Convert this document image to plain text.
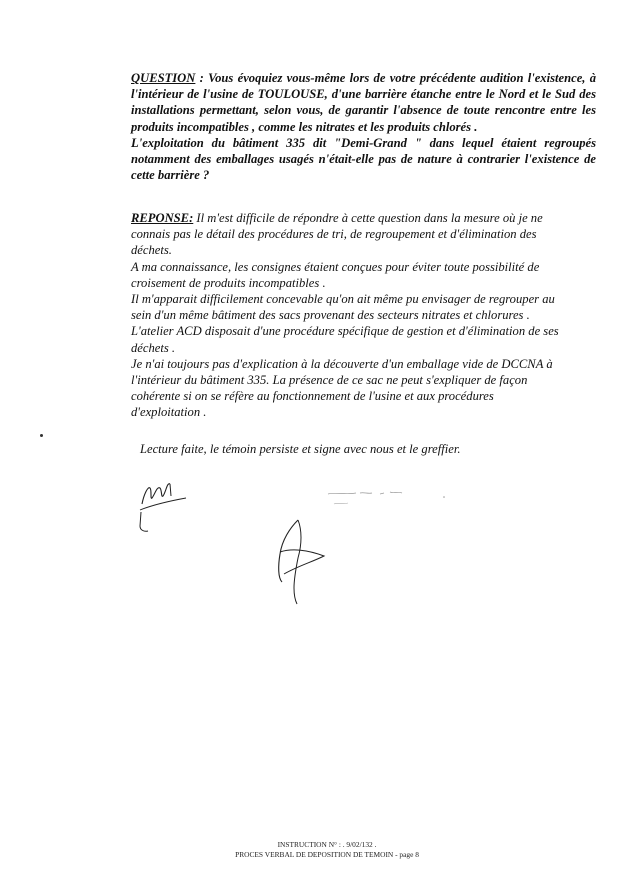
QUESTION : Vous évoquiez vous-même lors de votre précédente audition l'existence, à l'intérieur de l'usine de TOULOUSE, d'une barrière étanche entre le Nord et le Sud des installations permettant, selon vous, de garantir l'absence de toute rencontre entre les produits incompatibles , comme les nitrates et les produits chlorés .

L'exploitation du bâtiment 335 dit "Demi-Grand " dans lequel étaient regroupés notamment des emballages usagés n'était-elle pas de nature à contrarier l'existence de cette barrière ?

REPONSE: Il m'est difficile de répondre à cette question dans la mesure où je ne

connais pas le détail des procédures de tri, de regroupement et d'élimination des

déchets.

A ma connaissance, les consignes étaient conçues pour éviter toute possibilité de

croisement de produits incompatibles .

Il m'apparait difficilement concevable qu'on ait même pu envisager de regrouper au

sein d'un même bâtiment des sacs provenant des secteurs nitrates et chlorures .

L'atelier ACD disposait d'une procédure spécifique de gestion et d'élimination de ses

déchets .

Je n'ai toujours pas d'explication à la découverte d'un emballage vide de DCCNA à

l'intérieur du bâtiment 335. La présence de ce sac ne peut s'expliquer de façon

cohérente si on se réfère au fonctionnement de l'usine et aux procédures

d'exploitation .

Lecture faite, le témoin persiste et signe avec nous et le greffier.
INSTRUCTION N° : . 9/02/132 .
PROCES VERBAL DE DEPOSITION DE TEMOIN - page 8
